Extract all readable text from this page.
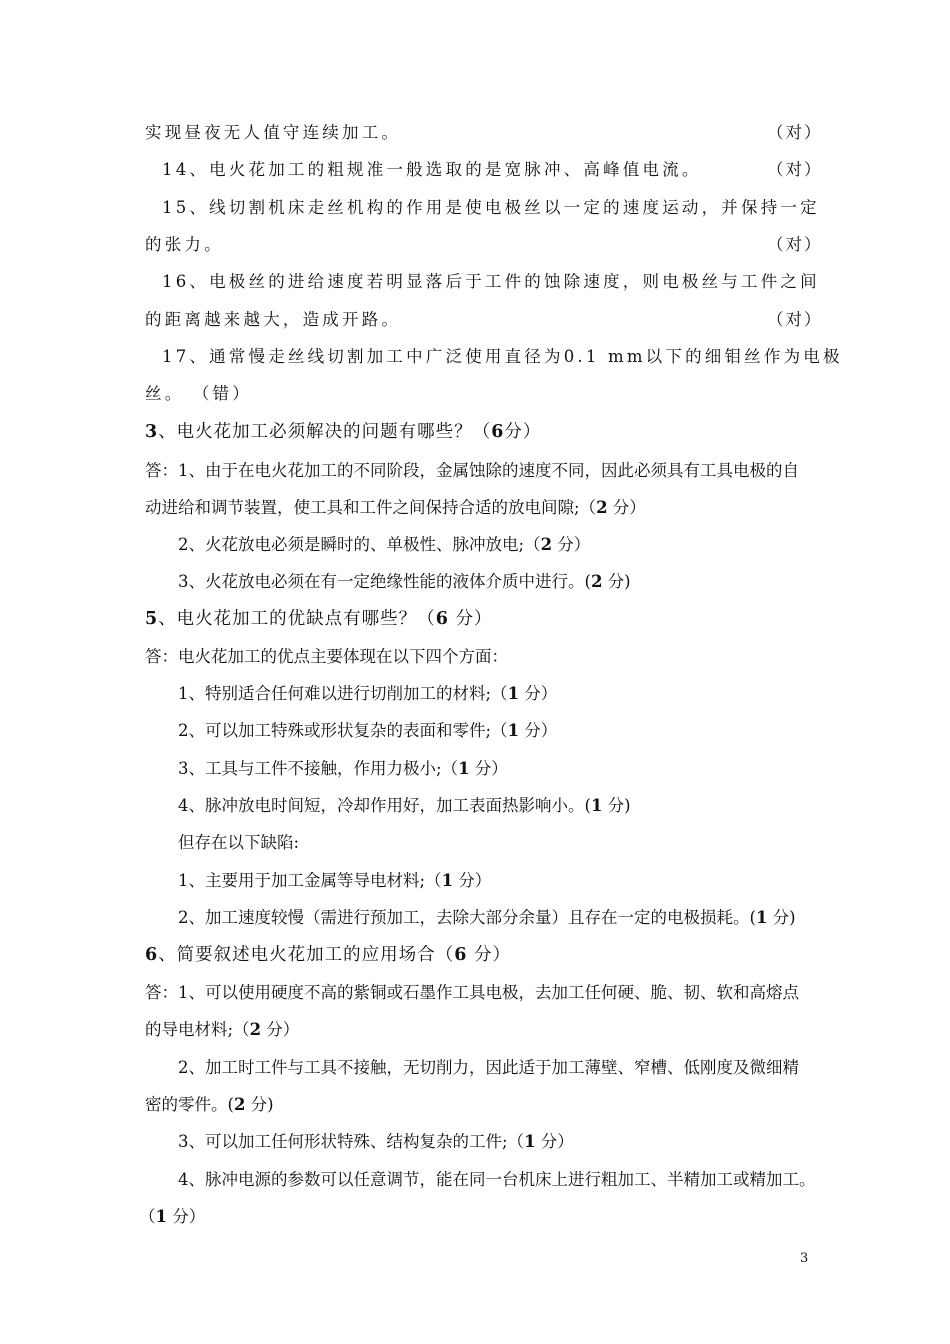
实现昼夜无人值守连续加工。	（对）
14、电火花加工的粗规准一般选取的是宽脉冲、高峰值电流。	（对）
15、线切割机床走丝机构的作用是使电极丝以一定的速度运动，并保持一定
的张力。	（对）
16、电极丝的进给速度若明显落后于工件的蚀除速度，则电极丝与工件之间
的距离越来越大，造成开路。	（对）
17、通常慢走丝线切割加工中广泛使用直径为0.1 mm以下的细钼丝作为电极
丝。 （错）
3、电火花加工必须解决的问题有哪些？（6分）
答：1、由于在电火花加工的不同阶段，金属蚀除的速度不同，因此必须具有工具电极的自
动进给和调节装置，使工具和工件之间保持合适的放电间隙;（2 分）
2、火花放电必须是瞬时的、单极性、脉冲放电;（2 分）
3、火花放电必须在有一定绝缘性能的液体介质中进行。(2 分)
5、电火花加工的优缺点有哪些？（6 分）
答：电火花加工的优点主要体现在以下四个方面：
1、特别适合任何难以进行切削加工的材料;（1 分）
2、可以加工特殊或形状复杂的表面和零件;（1 分）
3、工具与工件不接触，作用力极小;（1 分）
4、脉冲放电时间短，冷却作用好，加工表面热影响小。(1 分)
但存在以下缺陷:
1、主要用于加工金属等导电材料;（1 分）
2、加工速度较慢（需进行预加工，去除大部分余量）且存在一定的电极损耗。(1 分)
6、简要叙述电火花加工的应用场合（6 分）
答：1、可以使用硬度不高的紫铜或石墨作工具电极，去加工任何硬、脆、韧、软和高熔点
的导电材料;（2 分）
2、加工时工件与工具不接触，无切削力，因此适于加工薄壁、窄槽、低刚度及微细精
密的零件。(2 分)
3、可以加工任何形状特殊、结构复杂的工件;（1 分）
4、脉冲电源的参数可以任意调节，能在同一台机床上进行粗加工、半精加工或精加工。
（1 分）
3
